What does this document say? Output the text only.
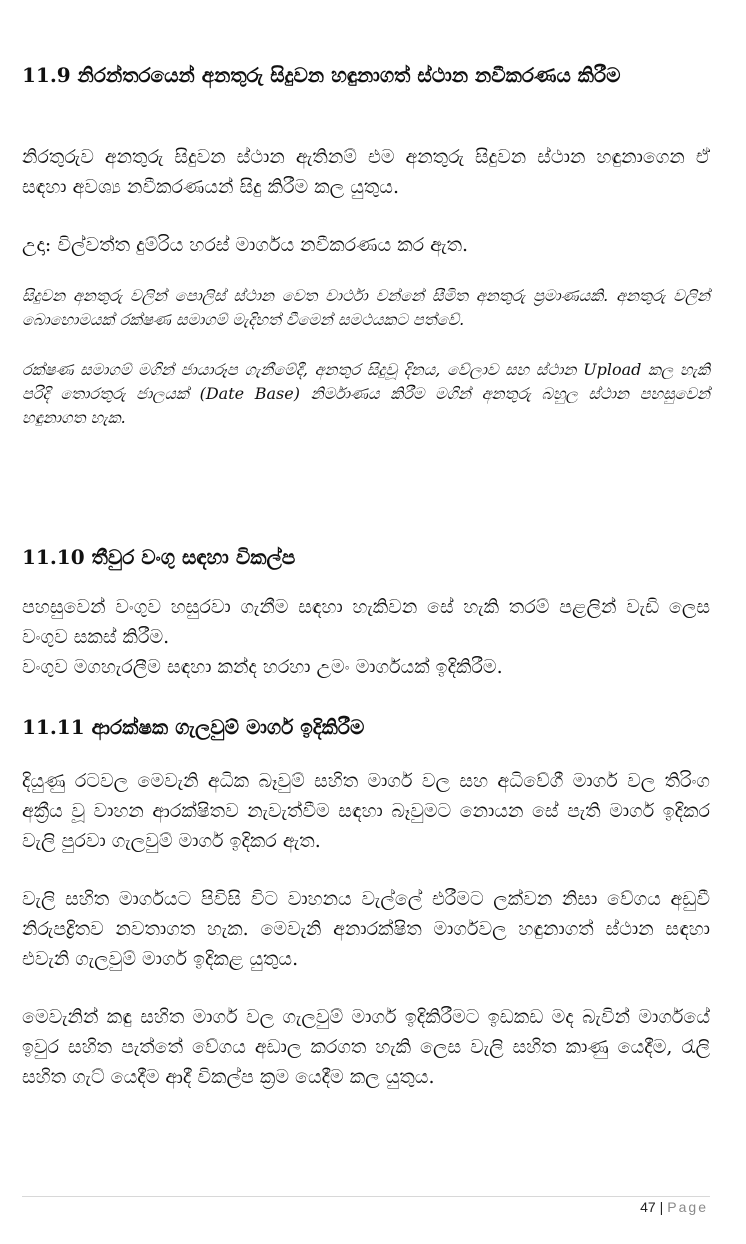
11.9 නිරන්තරයෙන් අනතුරු සිදුවන හඳුනාගත් ස්ථාන නවීකරණය කිරීම
නිරතුරුව අනතුරු සිදුවන ස්ථාන ඇතිනම් එම අනතුරු සිදුවන ස්ථාන හඳුනාගෙන ඒ සඳහා අවශ්‍ය නවීකරණයන් සිදු කිරීම කල යුතුය.
උදා: විල්වත්ත දුම්රිය හරස් මාර්ගය නවීකරණය කර ඇත.
සිදුවන අනතුරු වලින් පොලිස් ස්ථාන වෙත වාර්ථා වන්නේ සීමිත අනතුරු ප්‍රමාණයකි. අනතුරු වලින් බොහොමයක් රක්ෂණ සමාගම් මැදිහත් වීමෙන් සමථයකට පත්වේ.
රක්ෂණ සමාගම් මගින් ජායාරූප ගැනීමේදී, අනතුර සිදුවූ දිනය, වේලාව සහ ස්ථාන Upload කල හැකි පරිදි තොරතුරු ජාලයක් (Date Base) නිර්මාණය කිරීම මගින් අනතුරු බහුල ස්ථාන පහසුවෙන් හඳුනාගත හැක.
11.10 තීවුර වංගු සඳහා විකල්ප
පහසුවෙන් වංගුව හසුරවා ගැනීම සඳහා හැකිවන සේ හැකි තරම් පළලින් වැඩි ලෙස වංගුව සකස් කිරීම.
වංගුව මගහැරලීම සඳහා කන්ද හරහා උමං මාර්ගයක් ඉදිකිරීම.
11.11 ආරක්ෂක ගැලවුම් මාර්ග ඉදිකිරීම
දියුණු රටවල මෙවැනි අධික බෑවුම් සහිත මාර්ග වල සහ අධිවේගී මාර්ග වල තිරිංග අක්‍රීය වූ වාහන ආරක්ෂිතව නැවැත්වීම සඳහා බෑවුමට නොයන සේ පැති මාර්ග ඉදිකර වැලි පුරවා ගැලවුම් මාර්ග ඉදිකර ඇත.
වැලි සහිත මාර්ගයට පිවිසි විට වාහනය වැල්ලේ එරීමට ලක්වන නිසා වේගය අඩුවී නිරුපද්‍රිතව නවතාගත හැක. මෙවැනි අනාරක්ෂිත මාර්ගවල හඳුනාගත් ස්ථාන සඳහා එවැනි ගැලවුම් මාර්ග ඉදිකළ යුතුය.
මෙවැනින් කඳු සහිත මාර්ග වල ගැලවුම් මාර්ග ඉදිකිරීමට ඉඩකඩ මද බැවින් මාර්ගයේ ඉවුර සහිත පැත්තේ වේගය අඩාල කරගත හැකි ලෙස වැලි සහිත කාණු යෙදීම, රැලි සහිත ගැට් යෙදීම ආදී විකල්ප ක්‍රම යෙදීම කල යුතුය.
47 | Page
